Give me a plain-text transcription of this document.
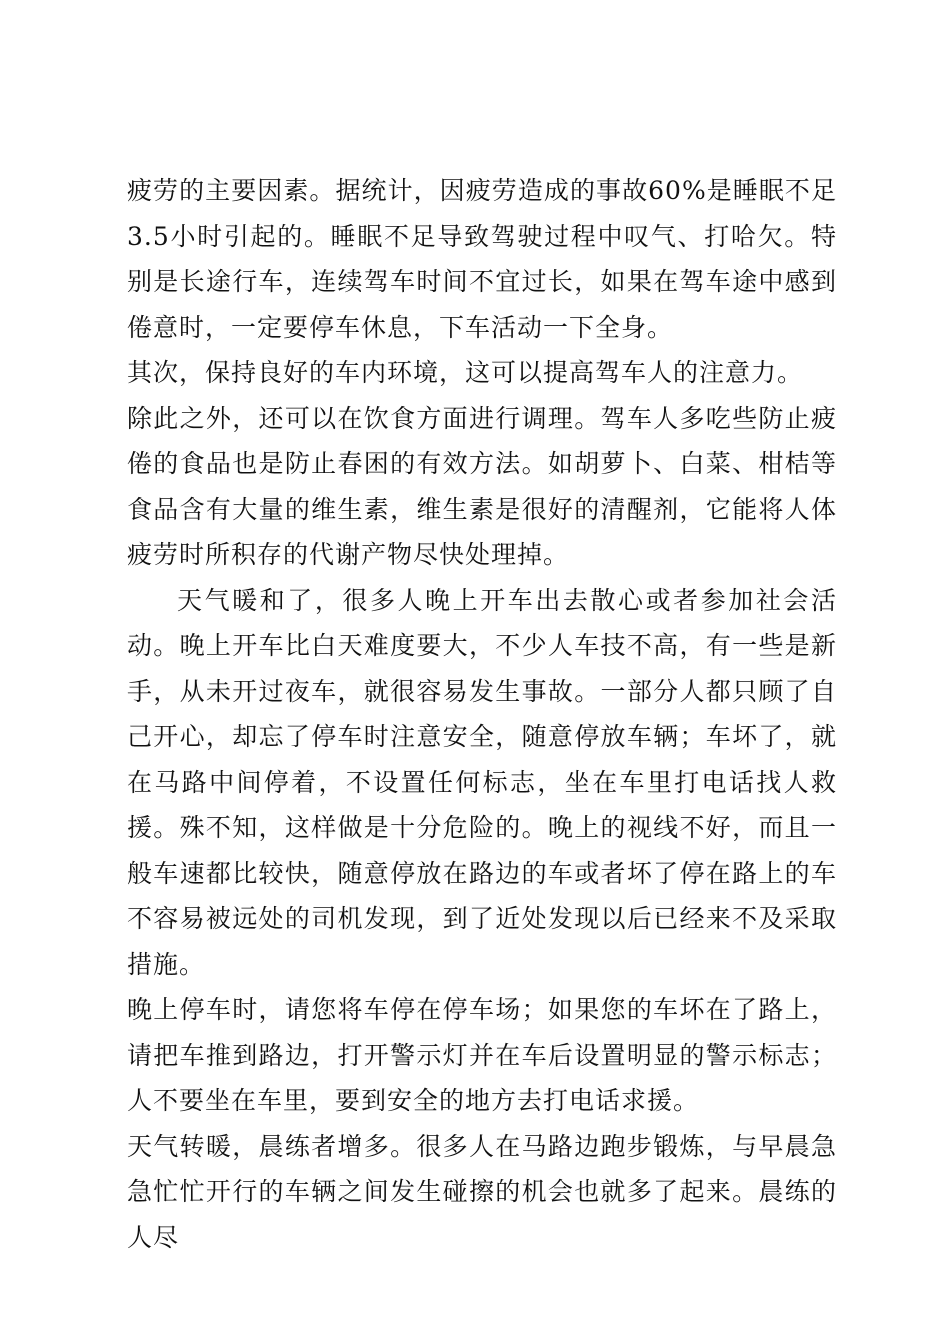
疲劳的主要因素。据统计，因疲劳造成的事故60%是睡眠不足3.5小时引起的。睡眠不足导致驾驶过程中叹气、打哈欠。特别是长途行车，连续驾车时间不宜过长，如果在驾车途中感到倦意时，一定要停车休息，下车活动一下全身。

其次，保持良好的车内环境，这可以提高驾车人的注意力。

除此之外，还可以在饮食方面进行调理。驾车人多吃些防止疲倦的食品也是防止春困的有效方法。如胡萝卜、白菜、柑桔等食品含有大量的维生素，维生素是很好的清醒剂，它能将人体疲劳时所积存的代谢产物尽快处理掉。

天气暖和了，很多人晚上开车出去散心或者参加社会活动。晚上开车比白天难度要大，不少人车技不高，有一些是新手，从未开过夜车，就很容易发生事故。一部分人都只顾了自己开心，却忘了停车时注意安全，随意停放车辆；车坏了，就在马路中间停着，不设置任何标志，坐在车里打电话找人救援。殊不知，这样做是十分危险的。晚上的视线不好，而且一般车速都比较快，随意停放在路边的车或者坏了停在路上的车不容易被远处的司机发现，到了近处发现以后已经来不及采取措施。

晚上停车时，请您将车停在停车场；如果您的车坏在了路上，请把车推到路边，打开警示灯并在车后设置明显的警示标志；人不要坐在车里，要到安全的地方去打电话求援。

天气转暖，晨练者增多。很多人在马路边跑步锻炼，与早晨急急忙忙开行的车辆之间发生碰擦的机会也就多了起来。晨练的人尽
